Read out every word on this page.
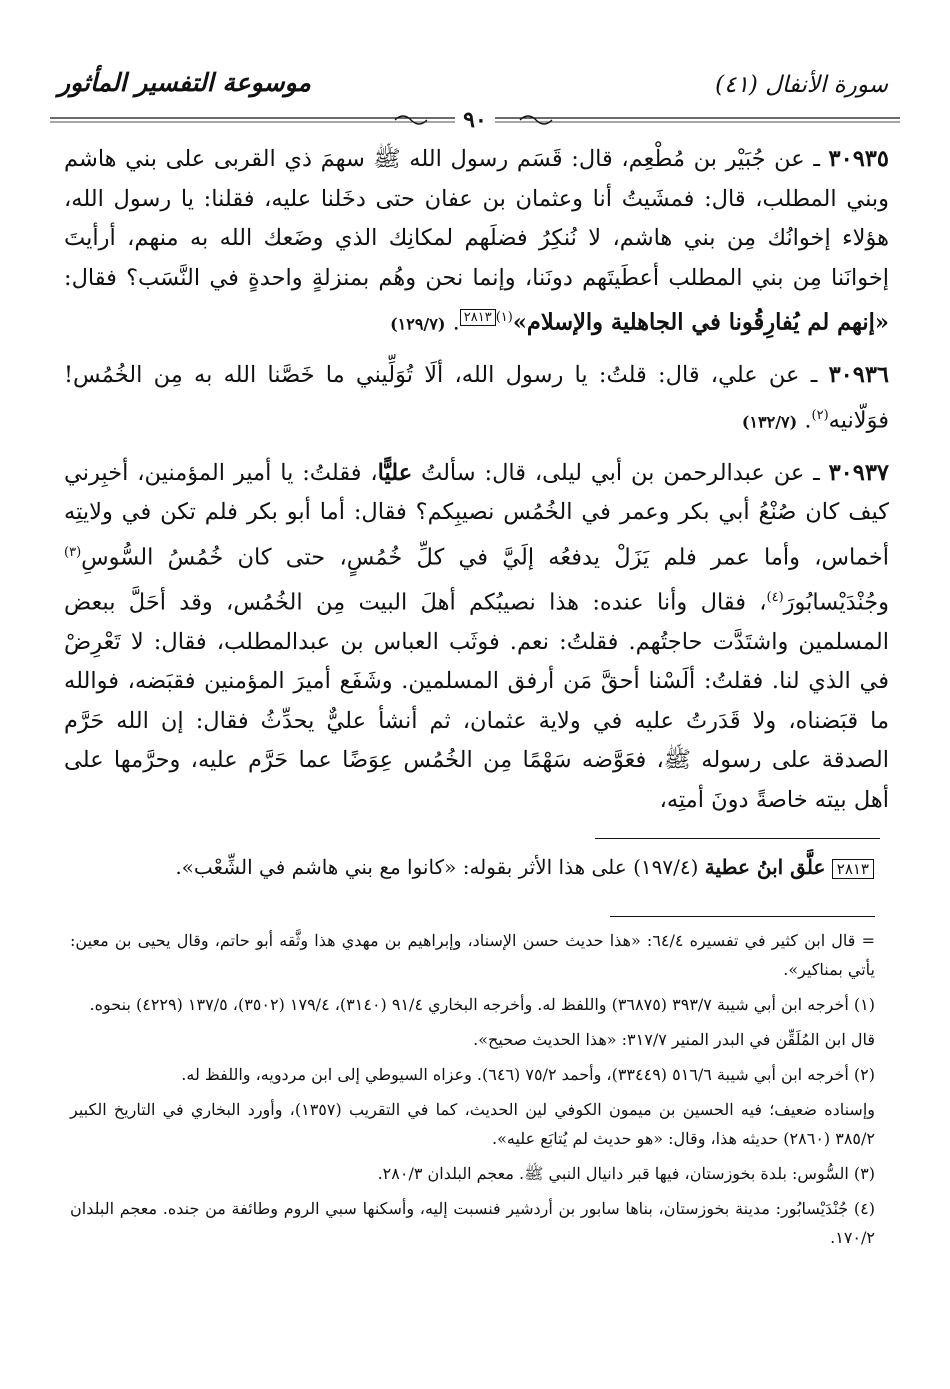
موسوعة التفسير المأثور	سورة الأنفال (٤١)
٩٠

٣٠٩٣٥ ـ عن جُبَيْر بن مُطْعِم، قال: قَسَم رسول الله ﷺ سهمَ ذي القربى على بني هاشم وبني المطلب، قال: فمشَيتُ أنا وعثمان بن عفان حتى دخَلنا عليه، فقلنا: يا رسول الله، هؤلاء إخوانُك مِن بني هاشم، لا نُنكِرُ فضلَهم لمكانِك الذي وضَعك الله به منهم، أرأيتَ إخوانَنا مِن بني المطلب أعطَيتَهم دونَنا، وإنما نحن وهُم بمنزلةٍ واحدةٍ في النَّسَب؟ فقال: «إنهم لم يُفارِقُونا في الجاهلية والإسلام»$^{(١)٢٨١٣}$. (١٢٩/٧)

٣٠٩٣٦ ـ عن علي، قال: قلتُ: يا رسول الله، ألَا تُوَلِّيني ما خَصَّنا الله به مِن الخُمُس! فوَلّانيه$^{(٢)}$. (١٣٢/٧)

٣٠٩٣٧ ـ عن عبدالرحمن بن أبي ليلى، قال: سألتُ عليًّا، فقلتُ: يا أمير المؤمنين، أخبِرني كيف كان صُنْعُ أبي بكر وعمر في الخُمُس نصيبِكم؟ فقال: أما أبو بكر فلم تكن في ولايتِه أخماس، وأما عمر فلم يَزَلْ يدفعُه إلَيَّ في كلِّ خُمُسٍ، حتى كان خُمُسُ السُّوسِ$^{(٣)}$ وجُنْدَيْسابُورَ$^{(٤)}$، فقال وأنا عنده: هذا نصيبُكم أهلَ البيت مِن الخُمُس، وقد أحَلَّ ببعض المسلمين واشتَدَّت حاجتُهم. فقلتُ: نعم. فوثَب العباس بن عبدالمطلب، فقال: لا تَعْرِضْ في الذي لنا. فقلتُ: ألَسْنا أحقَّ مَن أرفق المسلمين. وشَفَع أميرَ المؤمنين فقبَضه، فوالله ما قبَضناه، ولا قَدَرتُ عليه في ولاية عثمان، ثم أنشأ عليٌّ يحدِّثُ فقال: إن الله حَرَّم الصدقة على رسوله ﷺ، فعَوَّضه سَهْمًا مِن الخُمُس عِوَضًا عما حَرَّم عليه، وحرَّمها على أهل بيته خاصةً دونَ أمتِه،

٢٨١٣ علَّق ابنُ عطية (١٩٧/٤) على هذا الأثر بقوله: «كانوا مع بني هاشم في الشِّعْب».

= قال ابن كثير في تفسيره ٦٤/٤: «هذا حديث حسن الإسناد، وإبراهيم بن مهدي هذا وثَّقه أبو حاتم، وقال يحيى بن معين: يأتي بمناكير».

(١) أخرجه ابن أبي شيبة ٣٩٣/٧ (٣٦٨٧٥) واللفظ له. وأخرجه البخاري ٩١/٤ (٣١٤٠)، ١٧٩/٤ (٣٥٠٢)، ١٣٧/٥ (٤٢٢٩) بنحوه.

قال ابن المُلَقِّن في البدر المنير ٣١٧/٧: «هذا الحديث صحيح».

(٢) أخرجه ابن أبي شيبة ٥١٦/٦ (٣٣٤٤٩)، وأحمد ٧٥/٢ (٦٤٦). وعزاه السيوطي إلى ابن مردويه، واللفظ له.

وإسناده ضعيف؛ فيه الحسين بن ميمون الكوفي لين الحديث، كما في التقريب (١٣٥٧)، وأورد البخاري في التاريخ الكبير ٣٨٥/٢ (٢٨٦٠) حديثه هذا، وقال: «هو حديث لم يُتابَع عليه».

(٣) السُّوس: بلدة بخوزستان، فيها قبر دانيال النبي ﷺ. معجم البلدان ٢٨٠/٣.

(٤) جُنْدَيْسابُور: مدينة بخوزستان، بناها سابور بن أردشير فنسبت إليه، وأسكنها سبي الروم وطائفة من جنده. معجم البلدان ١٧٠/٢.
